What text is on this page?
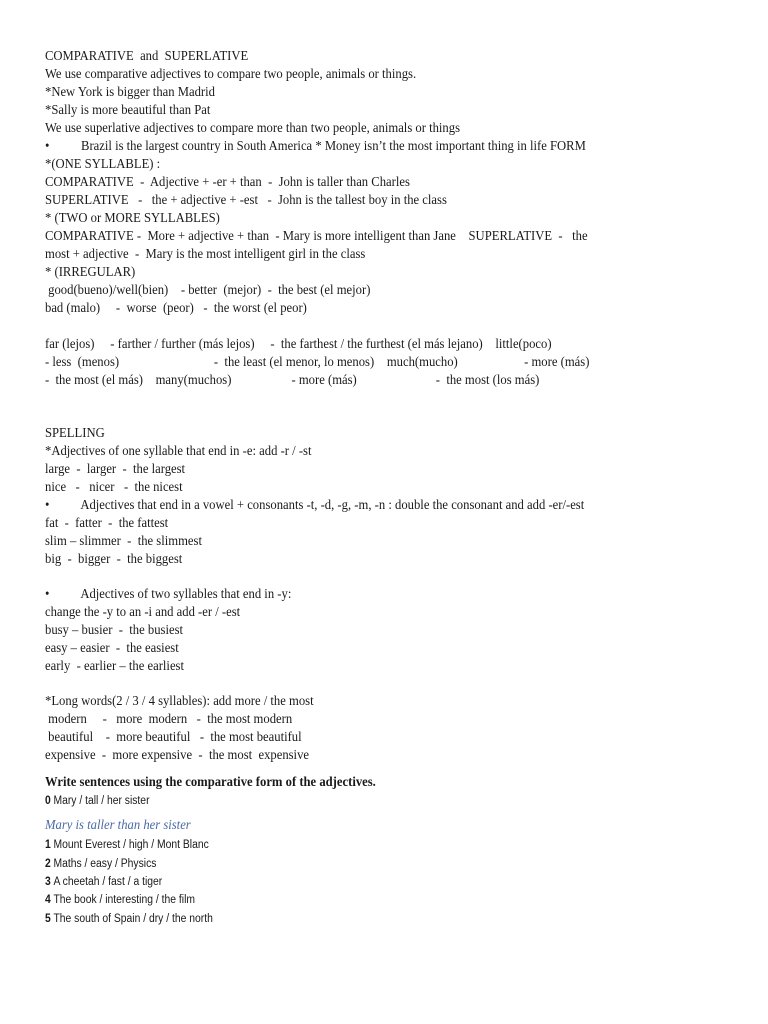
COMPARATIVE  and  SUPERLATIVE

We use comparative adjectives to compare two people, animals or things.

*New York is bigger than Madrid

*Sally is more beautiful than Pat

We use superlative adjectives to compare more than two people, animals or things

•          Brazil is the largest country in South America * Money isn’t the most important thing in life FORM

*(ONE SYLLABLE) :

COMPARATIVE  -  Adjective + -er + than  -  John is taller than Charles

SUPERLATIVE   -   the + adjective + -est   -  John is the tallest boy in the class

* (TWO or MORE SYLLABLES)

COMPARATIVE -  More + adjective + than  - Mary is more intelligent than Jane    SUPERLATIVE  -   the

most + adjective  -  Mary is the most intelligent girl in the class

* (IRREGULAR)

good(bueno)/well(bien)    - better  (mejor)  -  the best (el mejor)

bad (malo)     -  worse  (peor)   -  the worst (el peor)

far (lejos)     - farther / further (más lejos)     -  the farthest / the furthest (el más lejano)    little(poco)

- less  (menos)                              -  the least (el menor, lo menos)    much(mucho)                     - more (más)

-  the most (el más)    many(muchos)                   - more (más)                         -  the most (los más)

SPELLING

*Adjectives of one syllable that end in -e: add -r / -st

large  -  larger  -  the largest

nice   -   nicer   -  the nicest

•          Adjectives that end in a vowel + consonants -t, -d, -g, -m, -n : double the consonant and add -er/-est

fat  -  fatter  -  the fattest

slim – slimmer  -  the slimmest

big  -  bigger  -  the biggest

•          Adjectives of two syllables that end in -y:

change the -y to an -i and add -er / -est

busy – busier  -  the busiest

easy – easier  -  the easiest

early  - earlier – the earliest

*Long words(2 / 3 / 4 syllables): add more / the most

modern     -   more  modern   -  the most modern

beautiful    -  more beautiful   -  the most beautiful

expensive  -  more expensive  -  the most  expensive

Write sentences using the comparative form of the adjectives.

0 Mary / tall / her sister

Mary is taller than her sister

1 Mount Everest / high / Mont Blanc

2 Maths / easy / Physics

3 A cheetah / fast / a tiger

4 The book / interesting / the film

5 The south of Spain / dry / the north
